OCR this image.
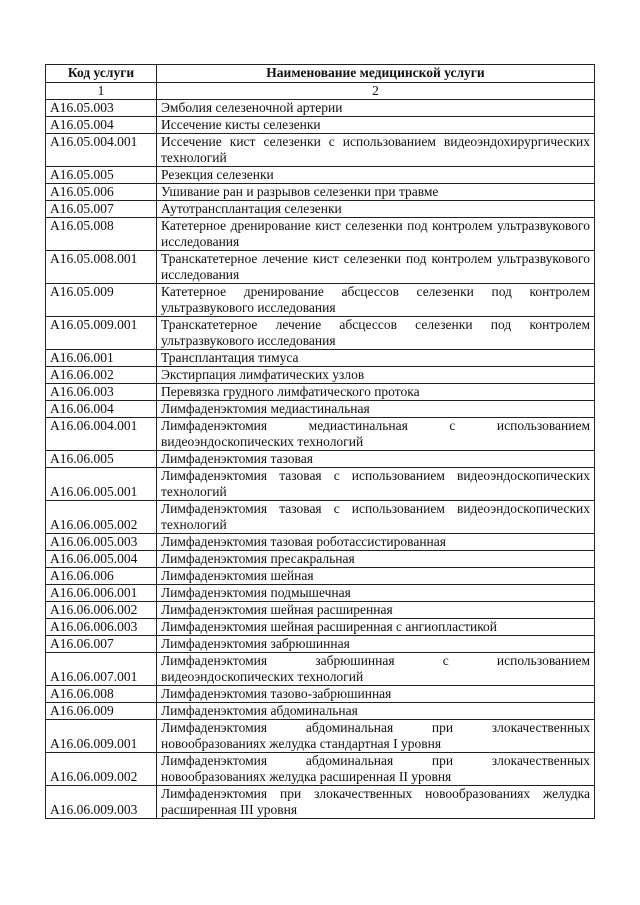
Код услуги	Наименование медицинской услуги
1	2
A16.05.003	Эмболия селезеночной артерии
A16.05.004	Иссечение кисты селезенки
A16.05.004.001	Иссечение кист селезенки с использованием видеоэндохирургических технологий
A16.05.005	Резекция селезенки
A16.05.006	Ушивание ран и разрывов селезенки при травме
A16.05.007	Аутотрансплантация селезенки
A16.05.008	Катетерное дренирование кист селезенки под контролем ультразвукового исследования
A16.05.008.001	Транскатетерное лечение кист селезенки под контролем ультразвукового исследования
A16.05.009	Катетерное дренирование абсцессов селезенки под контролем ультразвукового исследования
A16.05.009.001	Транскатетерное лечение абсцессов селезенки под контролем ультразвукового исследования
A16.06.001	Трансплантация тимуса
A16.06.002	Экстирпация лимфатических узлов
A16.06.003	Перевязка грудного лимфатического протока
A16.06.004	Лимфаденэктомия медиастинальная
A16.06.004.001	Лимфаденэктомия медиастинальная с использованием видеоэндоскопических технологий
A16.06.005	Лимфаденэктомия тазовая
A16.06.005.001	Лимфаденэктомия тазовая с использованием видеоэндоскопических технологий
A16.06.005.002	Лимфаденэктомия тазовая с использованием видеоэндоскопических технологий
A16.06.005.003	Лимфаденэктомия тазовая роботассистированная
A16.06.005.004	Лимфаденэктомия пресакральная
A16.06.006	Лимфаденэктомия шейная
A16.06.006.001	Лимфаденэктомия подмышечная
A16.06.006.002	Лимфаденэктомия шейная расширенная
A16.06.006.003	Лимфаденэктомия шейная расширенная с ангиопластикой
A16.06.007	Лимфаденэктомия забрюшинная
A16.06.007.001	Лимфаденэктомия забрюшинная с использованием видеоэндоскопических технологий
A16.06.008	Лимфаденэктомия тазово-забрюшинная
A16.06.009	Лимфаденэктомия абдоминальная
A16.06.009.001	Лимфаденэктомия абдоминальная при злокачественных новообразованиях желудка стандартная I уровня
A16.06.009.002	Лимфаденэктомия абдоминальная при злокачественных новообразованиях желудка расширенная II уровня
A16.06.009.003	Лимфаденэктомия при злокачественных новообразованиях желудка расширенная III уровня
